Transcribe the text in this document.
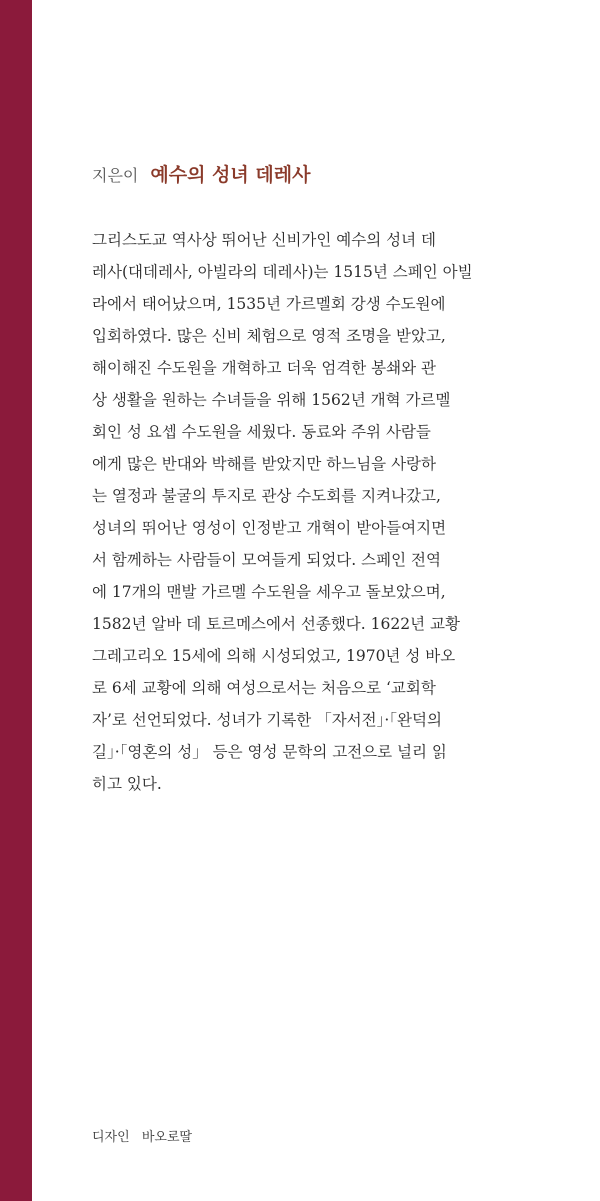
지은이 예수의 성녀 데레사
그리스도교 역사상 뛰어난 신비가인 예수의 성녀 데
레사(대데레사, 아빌라의 데레사)는 1515년 스페인 아빌
라에서 태어났으며, 1535년 가르멜회 강생 수도원에
입회하였다. 많은 신비 체험으로 영적 조명을 받았고,
해이해진 수도원을 개혁하고 더욱 엄격한 봉쇄와 관
상 생활을 원하는 수녀들을 위해 1562년 개혁 가르멜
회인 성 요셉 수도원을 세웠다. 동료와 주위 사람들
에게 많은 반대와 박해를 받았지만 하느님을 사랑하
는 열정과 불굴의 투지로 관상 수도회를 지켜나갔고,
성녀의 뛰어난 영성이 인정받고 개혁이 받아들여지면
서 함께하는 사람들이 모여들게 되었다. 스페인 전역
에 17개의 맨발 가르멜 수도원을 세우고 돌보았으며,
1582년 알바 데 토르메스에서 선종했다. 1622년 교황
그레고리오 15세에 의해 시성되었고, 1970년 성 바오
로 6세 교황에 의해 여성으로서는 처음으로 ‘교회학
자’로 선언되었다. 성녀가 기록한 「자서전」·「완덕의
길」·「영혼의 성」 등은 영성 문학의 고전으로 널리 읽
히고 있다.
디자인 바오로딸
